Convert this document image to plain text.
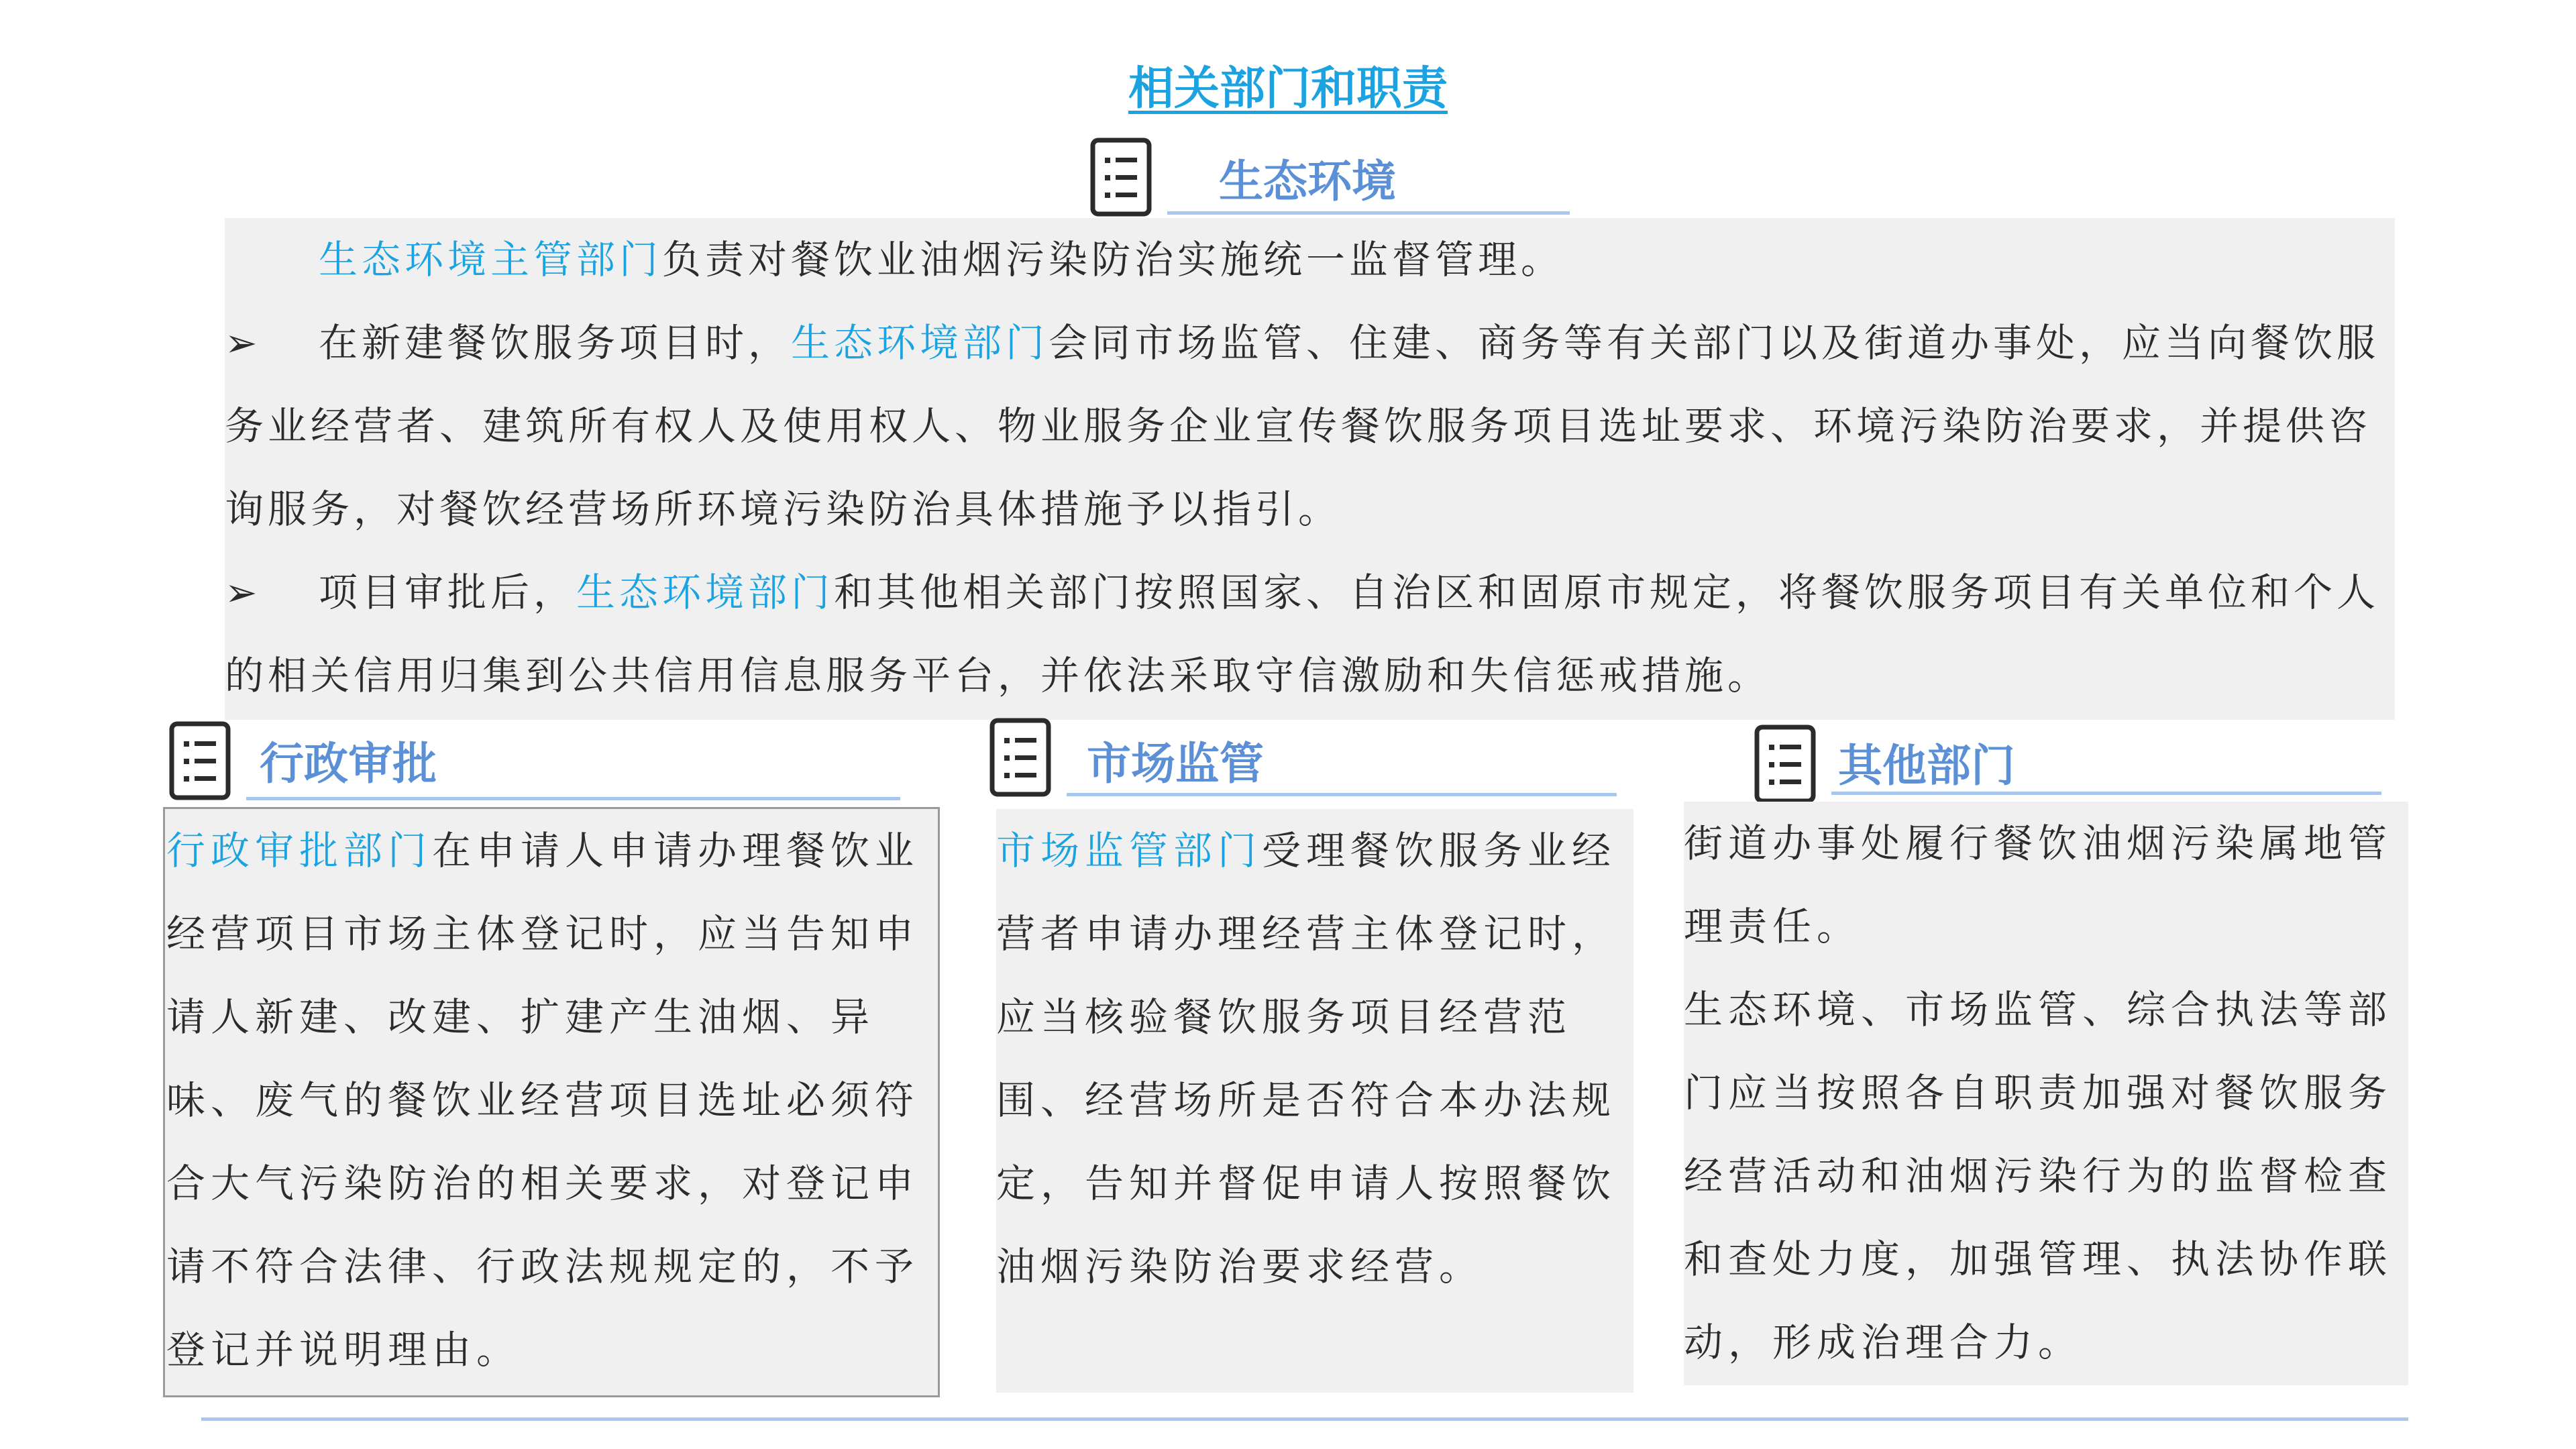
相关部门和职责
生态环境

生态环境主管部门负责对餐饮业油烟污染防治实施统一监督管理。

➢ 在新建餐饮服务项目时，生态环境部门会同市场监管、住建、商务等有关部门以及街道办事处，应当向餐饮服务业经营者、建筑所有权人及使用权人、物业服务企业宣传餐饮服务项目选址要求、环境污染防治要求，并提供咨询服务，对餐饮经营场所环境污染防治具体措施予以指引。

➢ 项目审批后，生态环境部门和其他相关部门按照国家、自治区和固原市规定，将餐饮服务项目有关单位和个人的相关信用归集到公共信用信息服务平台，并依法采取守信激励和失信惩戒措施。

行政审批	市场监管	其他部门

行政审批部门在申请人申请办理餐饮业经营项目市场主体登记时，应当告知申请人新建、改建、扩建产生油烟、异味、废气的餐饮业经营项目选址必须符合大气污染防治的相关要求，对登记申请不符合法律、行政法规规定的，不予登记并说明理由。

市场监管部门受理餐饮服务业经营者申请办理经营主体登记时，应当核验餐饮服务项目经营范围、经营场所是否符合本办法规定，告知并督促申请人按照餐饮油烟污染防治要求经营。

街道办事处履行餐饮油烟污染属地管理责任。

生态环境、市场监管、综合执法等部门应当按照各自职责加强对餐饮服务经营活动和油烟污染行为的监督检查和查处力度，加强管理、执法协作联动，形成治理合力。
